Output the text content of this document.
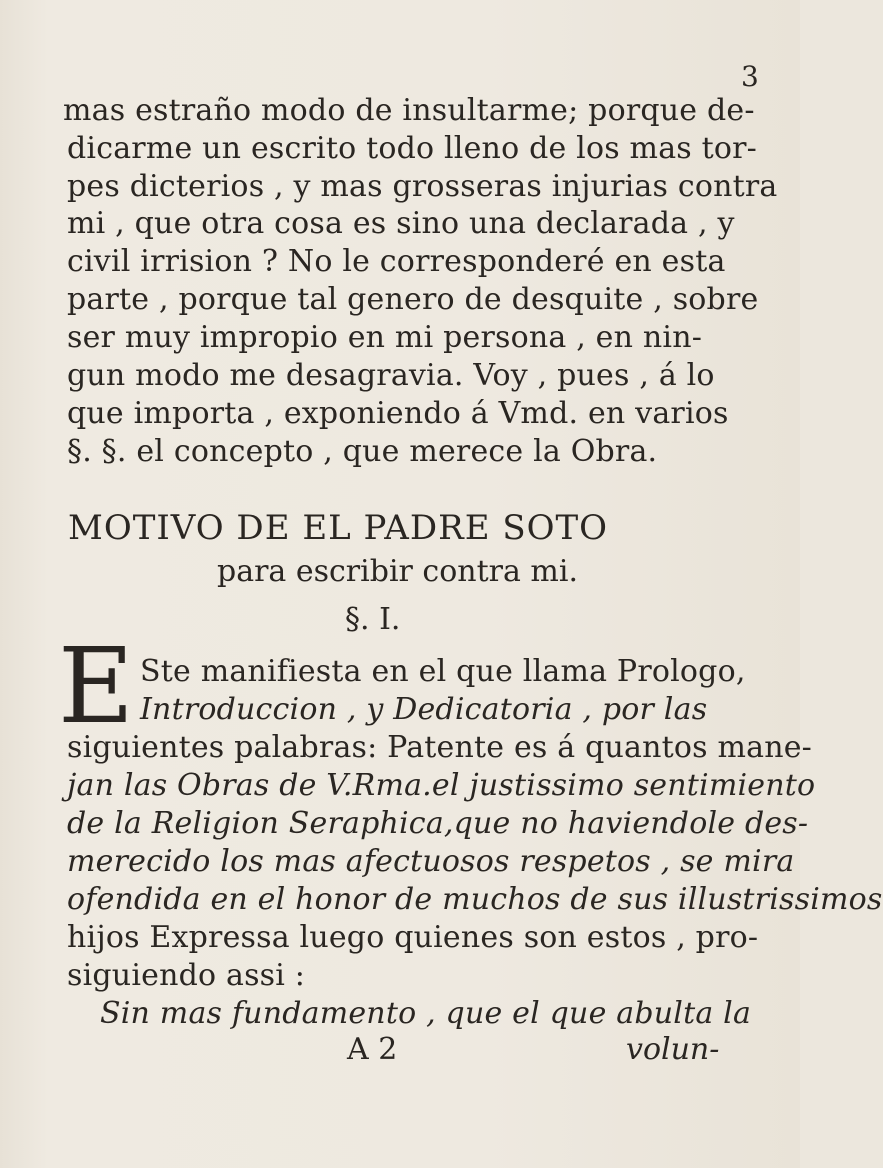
3
mas estraño modo de insultarme; porque de-
dicarme un escrito todo lleno de los mas tor-
pes dicterios , y mas grosseras injurias contra
mi , que otra cosa es sino una declarada , y
civil irrision ? No le corresponderé en esta
parte , porque tal genero de desquite , sobre
ser muy impropio en mi persona , en nin-
gun modo me desagravia. Voy , pues , á lo
que importa , exponiendo á Vmd. en varios
§. §. el concepto , que merece la Obra.
MOTIVO DE EL PADRE SOTO
para escribir contra mi.
§. I.
E Ste manifiesta en el que llama Prologo,
Introduccion , y Dedicatoria , por las
siguientes palabras: Patente es á quantos mane-
jan las Obras de V.Rma.el justissimo sentimiento
de la Religion Seraphica,que no haviendole des-
merecido los mas afectuosos respetos , se mira
ofendida en el honor de muchos de sus illustrissimos
hijos Expressa luego quienes son estos , pro-
siguiendo assi :
Sin mas fundamento , que el que abulta la
A 2	volun-
